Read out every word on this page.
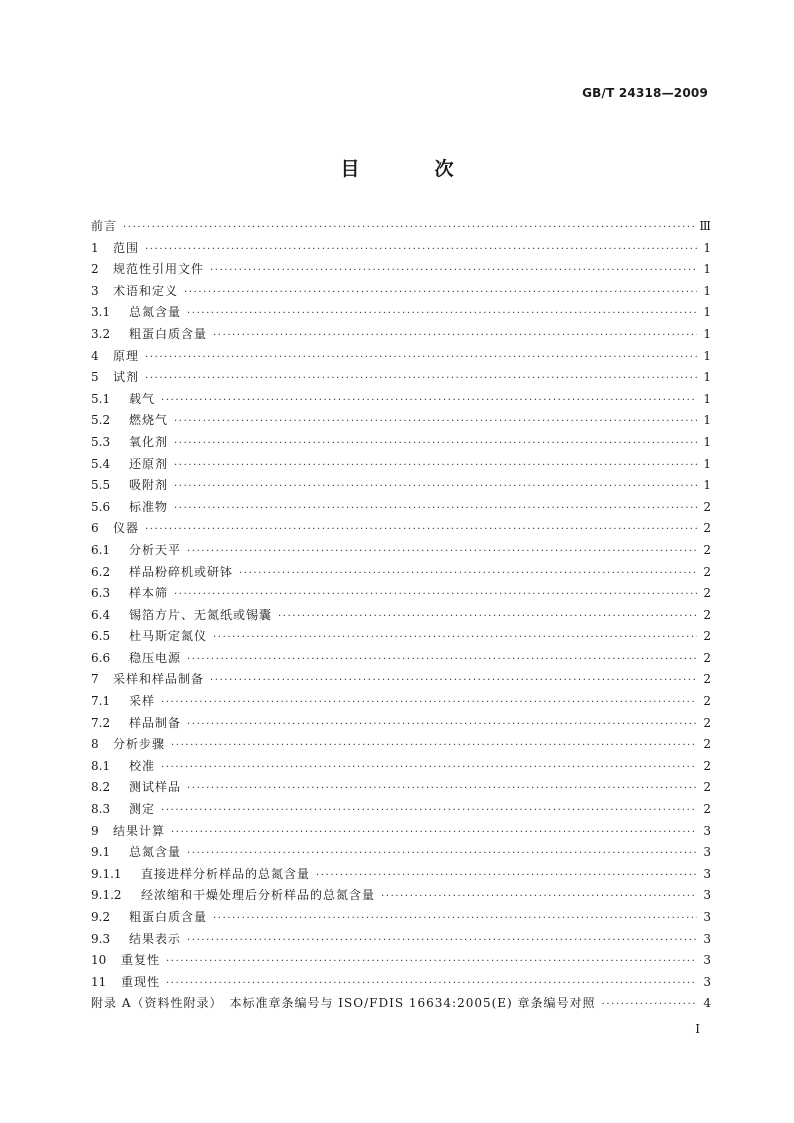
GB/T 24318—2009
目　次
前言 ·····	Ⅲ
1	范围 ·····	1
2	规范性引用文件 ·····	1
3	术语和定义 ·····	1
3.1	总氮含量 ·····	1
3.2	粗蛋白质含量 ·····	1
4	原理 ·····	1
5	试剂 ·····	1
5.1	载气 ·····	1
5.2	燃烧气 ·····	1
5.3	氧化剂 ·····	1
5.4	还原剂 ·····	1
5.5	吸附剂 ·····	1
5.6	标准物 ·····	2
6	仪器 ·····	2
6.1	分析天平 ·····	2
6.2	样品粉碎机或研钵 ·····	2
6.3	样本筛 ·····	2
6.4	锡箔方片、无氮纸或锡囊 ·····	2
6.5	杜马斯定氮仪 ·····	2
6.6	稳压电源 ·····	2
7	采样和样品制备 ·····	2
7.1	采样 ·····	2
7.2	样品制备 ·····	2
8	分析步骤 ·····	2
8.1	校准 ·····	2
8.2	测试样品 ·····	2
8.3	测定 ·····	2
9	结果计算 ·····	3
9.1	总氮含量 ·····	3
9.1.1	直接进样分析样品的总氮含量 ·····	3
9.1.2	经浓缩和干燥处理后分析样品的总氮含量 ·····	3
9.2	粗蛋白质含量 ·····	3
9.3	结果表示 ·····	3
10	重复性 ·····	3
11	重现性 ·····	3
附录 A（资料性附录）　本标准章条编号与 ISO/FDIS 16634:2005(E) 章条编号对照 ·····	4
Ⅰ
